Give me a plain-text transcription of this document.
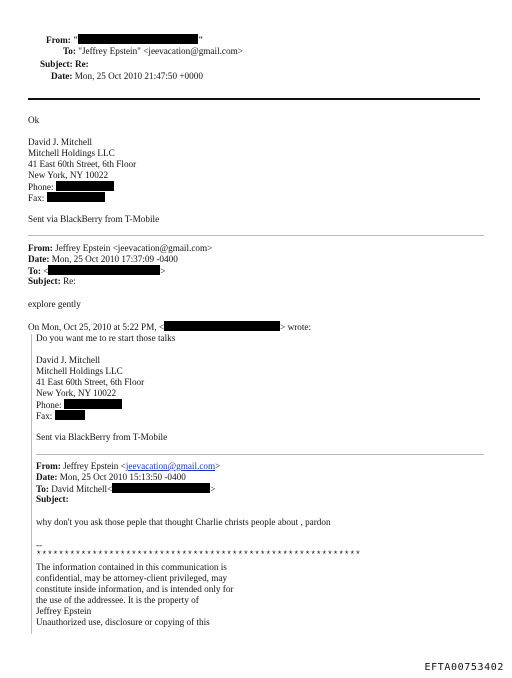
From: "	"
To: "Jeffrey Epstein" <jeevacation@gmail.com>
Subject: Re:
Date: Mon, 25 Oct 2010 21:47:50 +0000
Ok
David J. Mitchell
Mitchell Holdings LLC
41 East 60th Street, 6th Floor
New York, NY 10022
Phone:
Fax:
Sent via BlackBerry from T-Mobile
From: Jeffrey Epstein <jeevacation@gmail.com>
Date: Mon, 25 Oct 2010 17:37:09 -0400
To: <	>
Subject: Re:
explore gently
On Mon, Oct 25, 2010 at 5:22 PM, <	> wrote:
Do you want me to re start those talks
David J. Mitchell
Mitchell Holdings LLC
41 East 60th Street, 6th Floor
New York, NY 10022
Phone:
Fax:
Sent via BlackBerry from T-Mobile
From: Jeffrey Epstein <jeevacation@gmail.com>
Date: Mon, 25 Oct 2010 15:13:50 -0400
To: David Mitchell<	>
Subject:
why don't you ask those peple that thought Charlie christs people about , pardon
--
**********************************************************
The information contained in this communication is
confidential, may be attorney-client privileged, may
constitute inside information, and is intended only for
the use of the addressee. It is the property of
Jeffrey Epstein
Unauthorized use, disclosure or copying of this
EFTA00753402
